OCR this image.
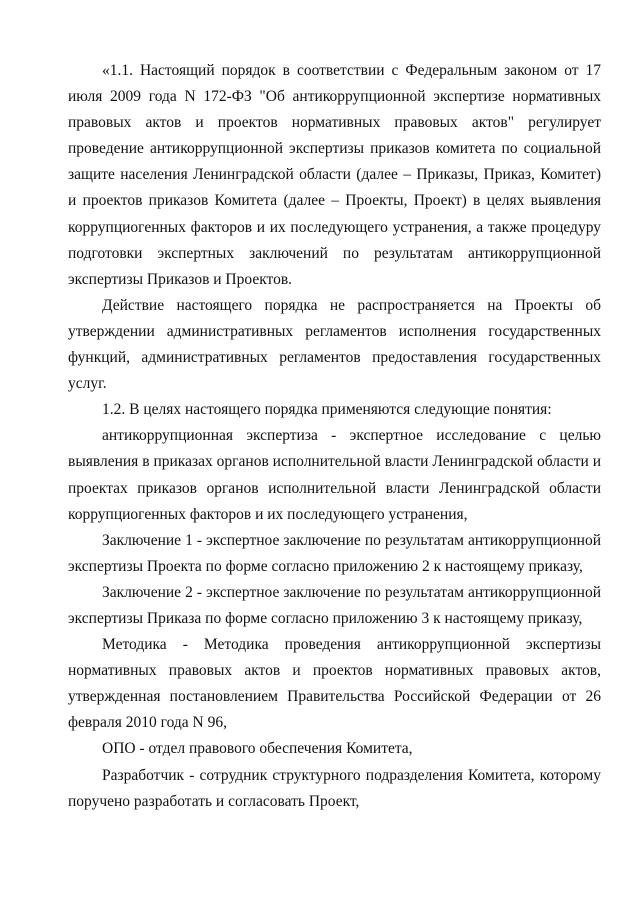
«1.1. Настоящий порядок в соответствии с Федеральным законом от 17 июля 2009 года N 172-ФЗ "Об антикоррупционной экспертизе нормативных правовых актов и проектов нормативных правовых актов" регулирует проведение антикоррупционной экспертизы приказов комитета по социальной защите населения Ленинградской области (далее – Приказы, Приказ, Комитет) и проектов приказов Комитета (далее – Проекты, Проект) в целях выявления коррупциогенных факторов и их последующего устранения, а также процедуру подготовки экспертных заключений по результатам антикоррупционной экспертизы Приказов и Проектов.

Действие настоящего порядка не распространяется на Проекты об утверждении административных регламентов исполнения государственных функций, административных регламентов предоставления государственных услуг.

1.2. В целях настоящего порядка применяются следующие понятия:

антикоррупционная экспертиза - экспертное исследование с целью выявления в приказах органов исполнительной власти Ленинградской области и проектах приказов органов исполнительной власти Ленинградской области коррупциогенных факторов и их последующего устранения,

Заключение 1 - экспертное заключение по результатам антикоррупционной экспертизы Проекта по форме согласно приложению 2 к настоящему приказу,

Заключение 2 - экспертное заключение по результатам антикоррупционной экспертизы Приказа по форме согласно приложению 3 к настоящему приказу,

Методика - Методика проведения антикоррупционной экспертизы нормативных правовых актов и проектов нормативных правовых актов, утвержденная постановлением Правительства Российской Федерации от 26 февраля 2010 года N 96,

ОПО - отдел правового обеспечения Комитета,

Разработчик - сотрудник структурного подразделения Комитета, которому поручено разработать и согласовать Проект,
